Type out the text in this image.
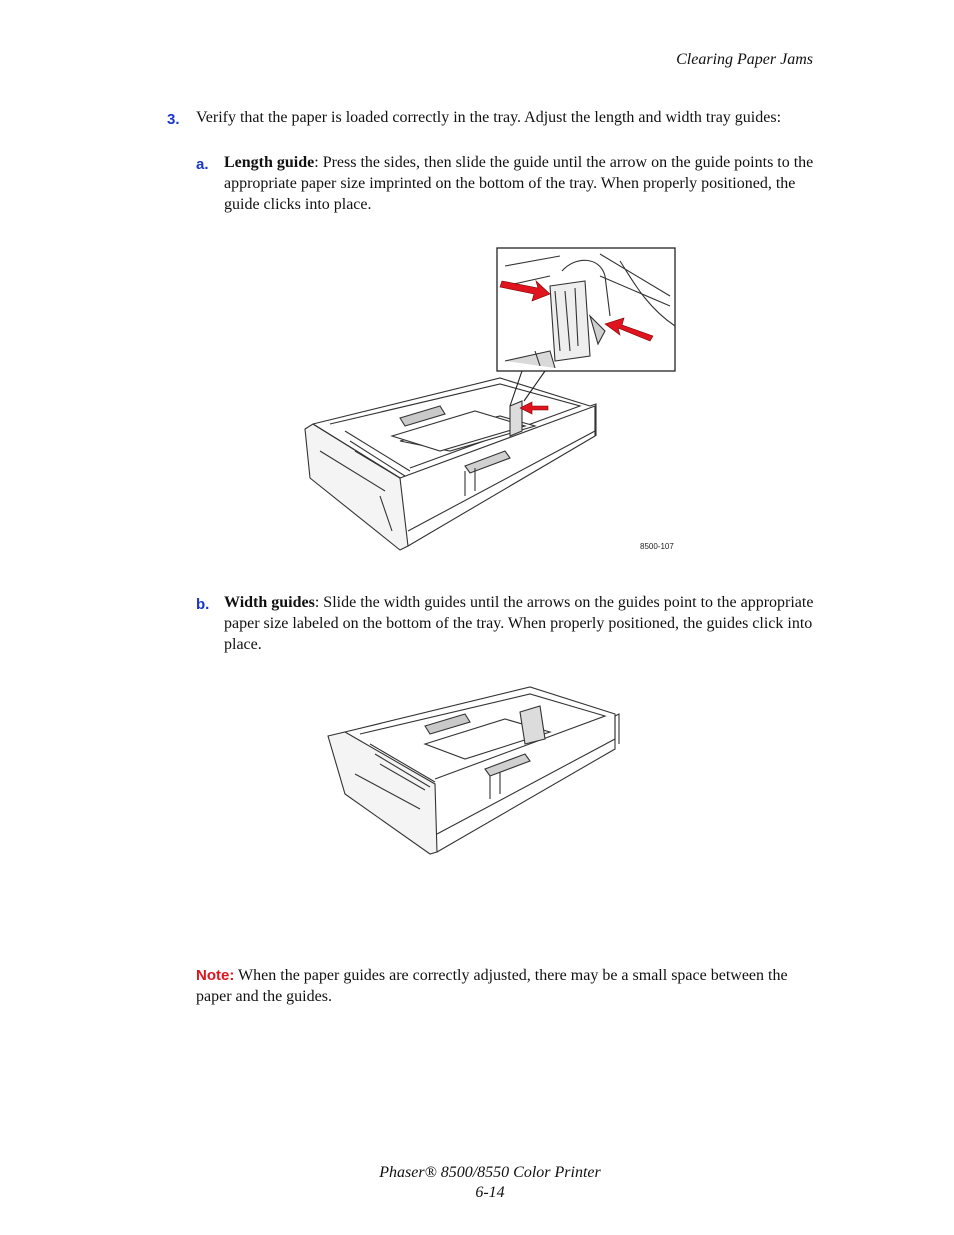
Clearing Paper Jams
3. Verify that the paper is loaded correctly in the tray. Adjust the length and width tray guides:
a. Length guide: Press the sides, then slide the guide until the arrow on the guide points to the appropriate paper size imprinted on the bottom of the tray. When properly positioned, the guide clicks into place.
8500-107
b. Width guides: Slide the width guides until the arrows on the guides point to the appropriate paper size labeled on the bottom of the tray. When properly positioned, the guides click into place.
Note: When the paper guides are correctly adjusted, there may be a small space between the paper and the guides.
Phaser® 8500/8550 Color Printer
6-14
